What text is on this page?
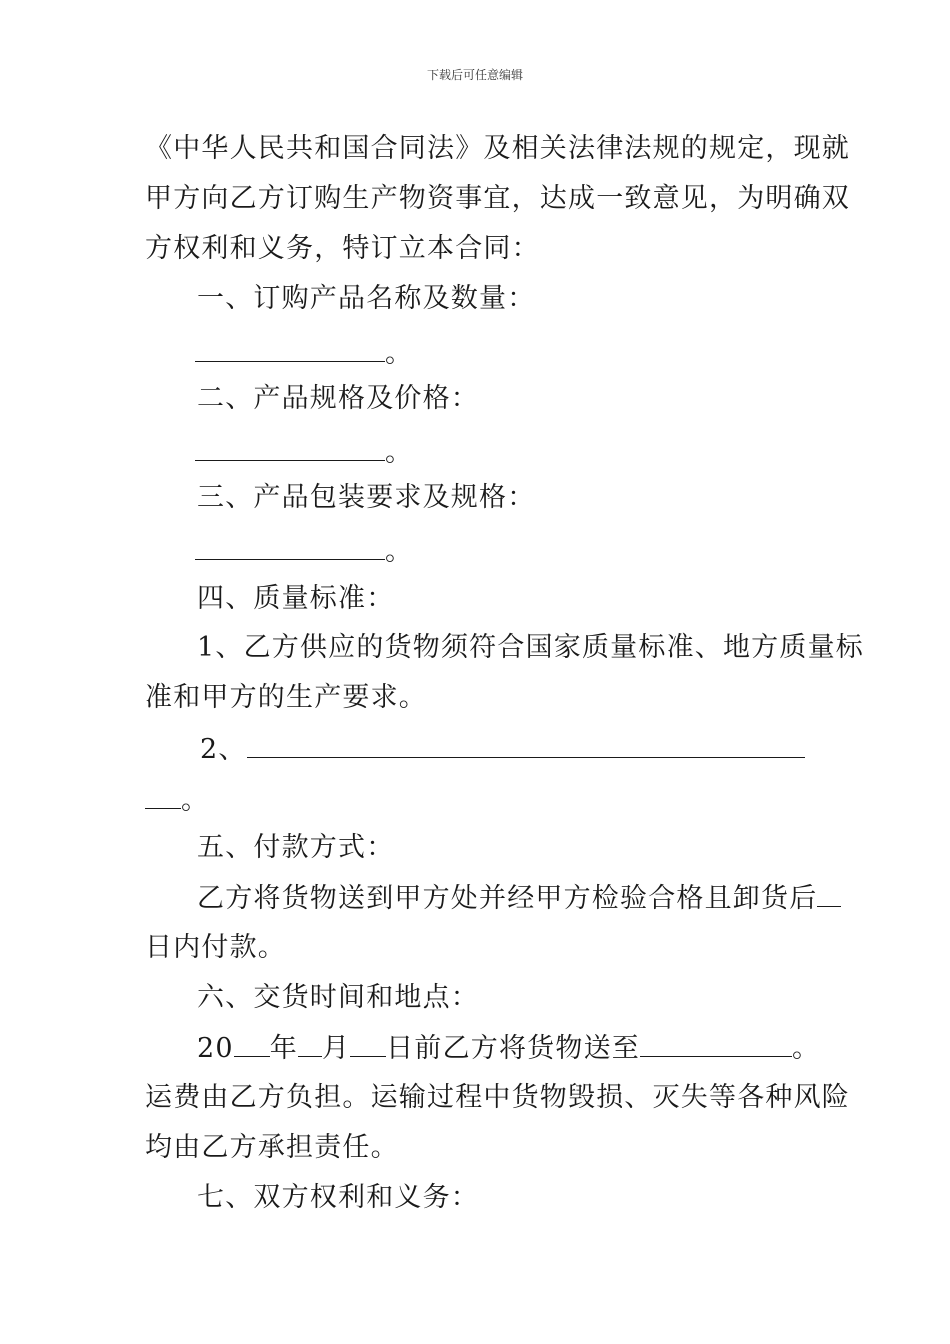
下载后可任意编辑
《中华人民共和国合同法》及相关法律法规的规定，现就
甲方向乙方订购生产物资事宜，达成一致意见，为明确双
方权利和义务，特订立本合同：
一、订购产品名称及数量：
。
二、产品规格及价格：
。
三、产品包装要求及规格：
。
四、质量标准：
1、乙方供应的货物须符合国家质量标准、地方质量标
准和甲方的生产要求。
2、
。
五、付款方式：
乙方将货物送到甲方处并经甲方检验合格且卸货后
日内付款。
六、交货时间和地点：
20 年 月 日前乙方将货物送至	。
运费由乙方负担。运输过程中货物毁损、灭失等各种风险
均由乙方承担责任。
七、双方权利和义务：
